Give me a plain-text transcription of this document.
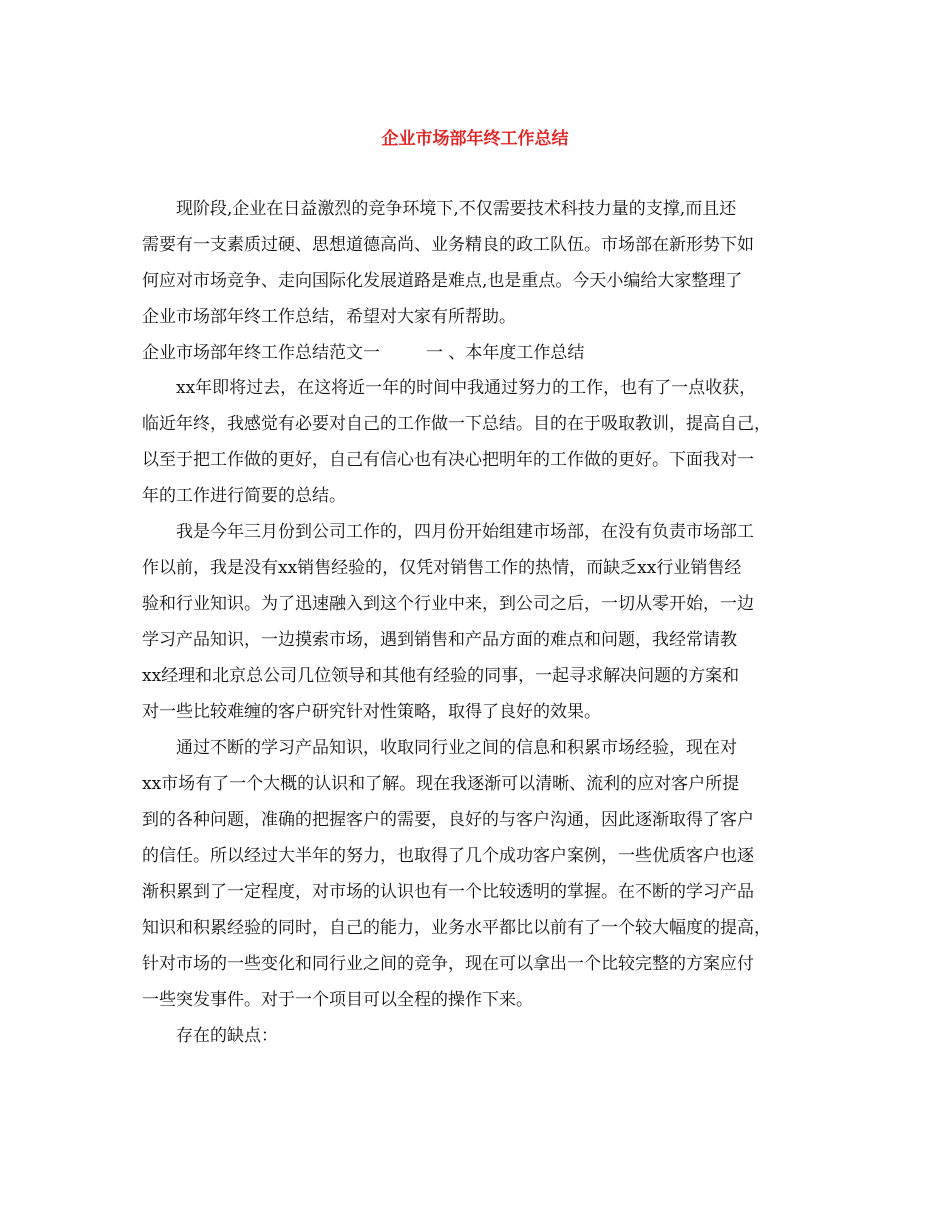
企业市场部年终工作总结
现阶段,企业在日益激烈的竞争环境下,不仅需要技术科技力量的支撑,而且还
需要有一支素质过硬、思想道德高尚、业务精良的政工队伍。市场部在新形势下如
何应对市场竞争、走向国际化发展道路是难点,也是重点。今天小编给大家整理了
企业市场部年终工作总结，希望对大家有所帮助。
企业市场部年终工作总结范文一	一 、本年度工作总结
xx年即将过去，在这将近一年的时间中我通过努力的工作，也有了一点收获，
临近年终，我感觉有必要对自己的工作做一下总结。目的在于吸取教训，提高自己，
以至于把工作做的更好，自己有信心也有决心把明年的工作做的更好。下面我对一
年的工作进行简要的总结。
我是今年三月份到公司工作的，四月份开始组建市场部，在没有负责市场部工
作以前，我是没有xx销售经验的，仅凭对销售工作的热情，而缺乏xx行业销售经
验和行业知识。为了迅速融入到这个行业中来，到公司之后，一切从零开始，一边
学习产品知识，一边摸索市场，遇到销售和产品方面的难点和问题，我经常请教
xx经理和北京总公司几位领导和其他有经验的同事，一起寻求解决问题的方案和
对一些比较难缠的客户研究针对性策略，取得了良好的效果。
通过不断的学习产品知识，收取同行业之间的信息和积累市场经验，现在对
xx市场有了一个大概的认识和了解。现在我逐渐可以清晰、流利的应对客户所提
到的各种问题，准确的把握客户的需要，良好的与客户沟通，因此逐渐取得了客户
的信任。所以经过大半年的努力，也取得了几个成功客户案例，一些优质客户也逐
渐积累到了一定程度，对市场的认识也有一个比较透明的掌握。在不断的学习产品
知识和积累经验的同时，自己的能力，业务水平都比以前有了一个较大幅度的提高，
针对市场的一些变化和同行业之间的竞争，现在可以拿出一个比较完整的方案应付
一些突发事件。对于一个项目可以全程的操作下来。
存在的缺点：
